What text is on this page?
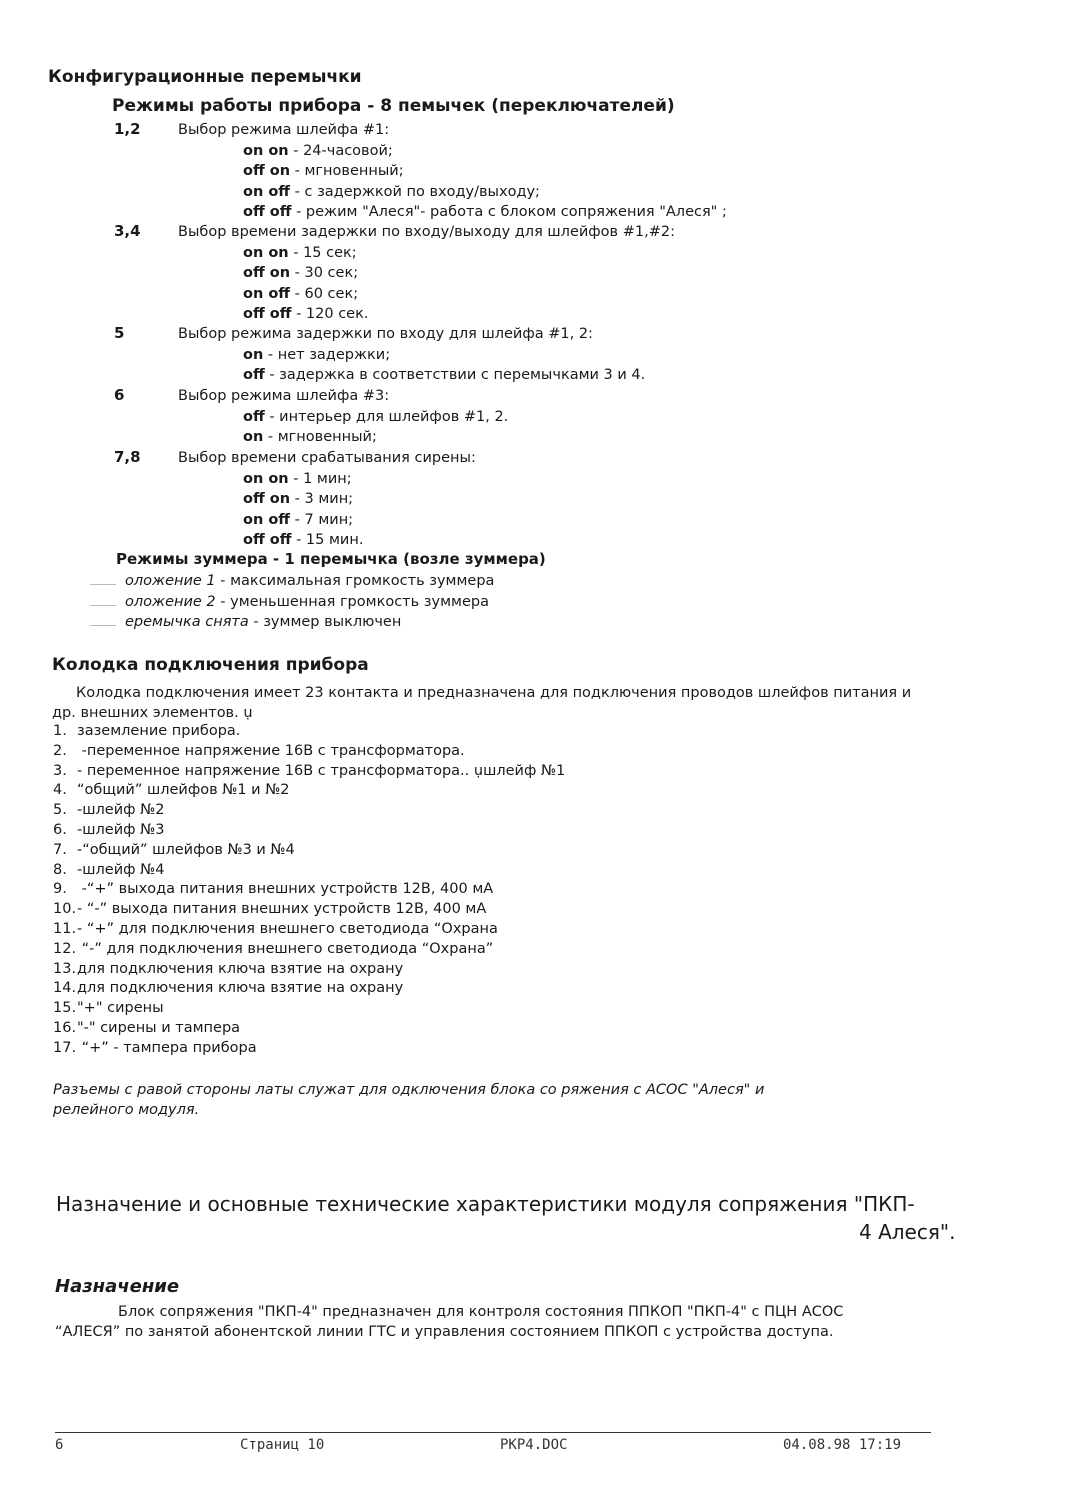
Конфигурационные перемычки
Режимы работы прибора - 8 пемычек (переключателей)
1,2	Выбор режима шлейфа #1:
on on - 24-часовой;
off on - мгновенный;
on off - с задержкой по входу/выходу;
off off - режим "Алеся"- работа с блоком сопряжения "Алеся" ;
3,4	Выбор времени задержки по входу/выходу для шлейфов #1,#2:
on on - 15 сек;
off on - 30 сек;
on off - 60 сек;
off off - 120 сек.
5	Выбор режима задержки по входу для шлейфа #1, 2:
on - нет задержки;
off - задержка в соответствии с перемычками 3 и 4.
6	Выбор режима шлейфа #3:
off - интерьер для шлейфов #1, 2.
on - мгновенный;
7,8	Выбор времени срабатывания сирены:
on on - 1 мин;
off on - 3 мин;
on off - 7 мин;
off off - 15 мин.
Режимы зуммера - 1 перемычка (возле зуммера)
оложение 1 - максимальная громкость зуммера
оложение 2 - уменьшенная громкость зуммера
еремычка снята - зуммер выключен
Колодка подключения прибора
Колодка подключения имеет 23 контакта и предназначена для подключения проводов шлейфов питания и
др. внешних элементов. ụ
1. заземление прибора.
2. -переменное напряжение 16В с трансформатора.
3. - переменное напряжение 16В с трансформатора.. ụшлейф №1
4. “общий” шлейфов №1 и №2
5. -шлейф №2
6. -шлейф №3
7. -“общий” шлейфов №3 и №4
8. -шлейф №4
9. -“+” выхода питания внешних устройств 12В, 400 мА
10.- “-” выхода питания внешних устройств 12В, 400 мА
11.- “+” для подключения внешнего светодиода “Охрана
12. “-” для подключения внешнего светодиода “Охрана”
13.для подключения ключа взятие на охрану
14.для подключения ключа взятие на охрану
15."+" сирены
16."-" сирены и тампера
17. “+” - тампера прибора
Разъемы с равой стороны латы служат для одключения блока со ряжения с АСОС "Алеся" и
релейного модуля.
Назначение и основные технические характеристики модуля сопряжения "ПКП-
4 Алеся".
Назначение
Блок сопряжения "ПКП-4" предназначен для контроля состояния ППКОП "ПКП-4" с ПЦН АСОС
“АЛЕСЯ” по занятой абонентской линии ГТС и управления состоянием ППКОП с устройства доступа.
6	Страниц 10	PKP4.DOC	04.08.98 17:19
